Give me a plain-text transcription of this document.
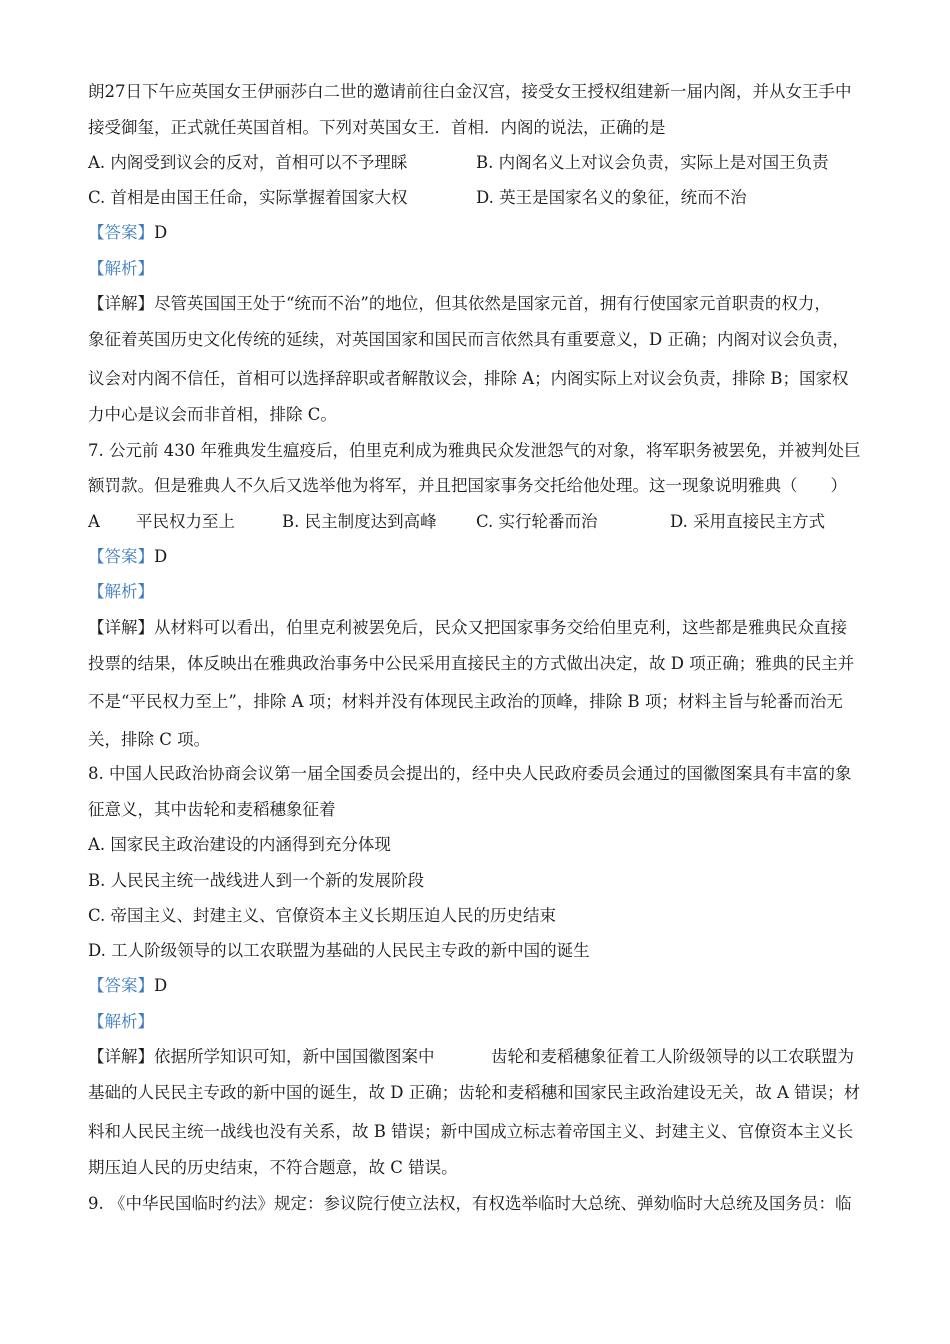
朗27日下午应英国女王伊丽莎白二世的邀请前往白金汉宫，接受女王授权组建新一届内阁，并从女王手中
接受御玺，正式就任英国首相。下列对英国女王．首相．内阁的说法，正确的是
A. 内阁受到议会的反对，首相可以不予理睬	B. 内阁名义上对议会负责，实际上是对国王负责
C. 首相是由国王任命，实际掌握着国家大权	D. 英王是国家名义的象征，统而不治
【答案】D
【解析】
【详解】尽管英国国王处于“统而不治”的地位，但其依然是国家元首，拥有行使国家元首职责的权力，
象征着英国历史文化传统的延续，对英国国家和国民而言依然具有重要意义，D 正确；内阁对议会负责，
议会对内阁不信任，首相可以选择辞职或者解散议会，排除 A；内阁实际上对议会负责，排除 B；国家权
力中心是议会而非首相，排除 C。
7. 公元前 430 年雅典发生瘟疫后，伯里克利成为雅典民众发泄怨气的对象，将军职务被罢免，并被判处巨
额罚款。但是雅典人不久后又选举他为将军，并且把国家事务交托给他处理。这一现象说明雅典（　　）
A 平民权力至上	B. 民主制度达到高峰 C. 实行轮番而治	D. 采用直接民主方式
【答案】D
【解析】
【详解】从材料可以看出，伯里克利被罢免后，民众又把国家事务交给伯里克利，这些都是雅典民众直接
投票的结果，体反映出在雅典政治事务中公民采用直接民主的方式做出决定，故 D 项正确；雅典的民主并
不是“平民权力至上”，排除 A 项；材料并没有体现民主政治的顶峰，排除 B 项；材料主旨与轮番而治无
关，排除 C 项。
8. 中国人民政治协商会议第一届全国委员会提出的，经中央人民政府委员会通过的国徽图案具有丰富的象
征意义，其中齿轮和麦稻穗象征着
A. 国家民主政治建设的内涵得到充分体现
B. 人民民主统一战线进人到一个新的发展阶段
C. 帝国主义、封建主义、官僚资本主义长期压迫人民的历史结束
D. 工人阶级领导的以工农联盟为基础的人民民主专政的新中国的诞生
【答案】D
【解析】
【详解】依据所学知识可知，新中国国徽图案中	齿轮和麦稻穗象征着工人阶级领导的以工农联盟为
基础的人民民主专政的新中国的诞生，故 D 正确；齿轮和麦稻穗和国家民主政治建设无关，故 A 错误；材
料和人民民主统一战线也没有关系，故 B 错误；新中国成立标志着帝国主义、封建主义、官僚资本主义长
期压迫人民的历史结束，不符合题意，故 C 错误。
9. 《中华民国临时约法》规定：参议院行使立法权，有权选举临时大总统、弹劾临时大总统及国务员：临
